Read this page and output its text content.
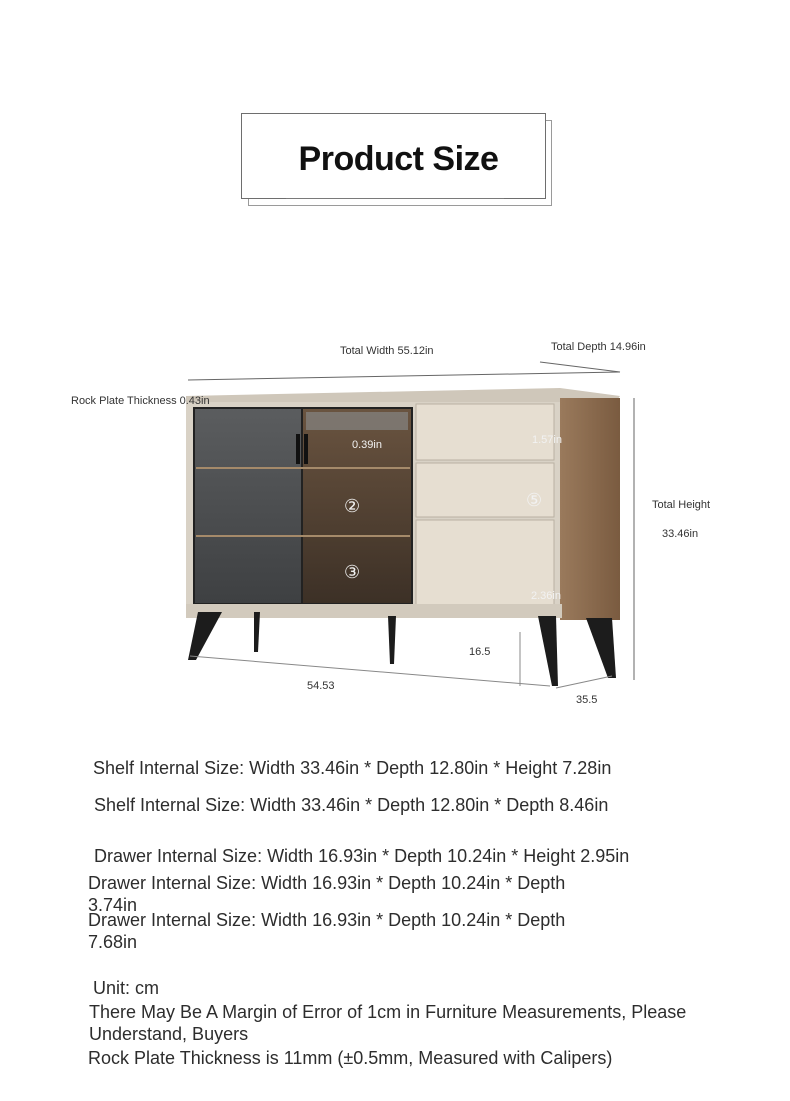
Product Size
Total Width 55.12in	Total Depth 14.96in
Rock Plate Thickness 0.43in
Total Height
33.46in
0.39in	1.57in
2.36in
②
③
⑤
16.5
54.53
35.5
Shelf Internal Size: Width 33.46in * Depth 12.80in * Height 7.28in
Shelf Internal Size: Width 33.46in * Depth 12.80in * Depth 8.46in
Drawer Internal Size: Width 16.93in * Depth 10.24in * Height 2.95in
Drawer Internal Size: Width 16.93in * Depth 10.24in * Depth 3.74in
Drawer Internal Size: Width 16.93in * Depth 10.24in * Depth 7.68in
Unit: cm
There May Be A Margin of Error of 1cm in Furniture Measurements, Please Understand, Buyers
Rock Plate Thickness is 11mm (±0.5mm, Measured with Calipers)
